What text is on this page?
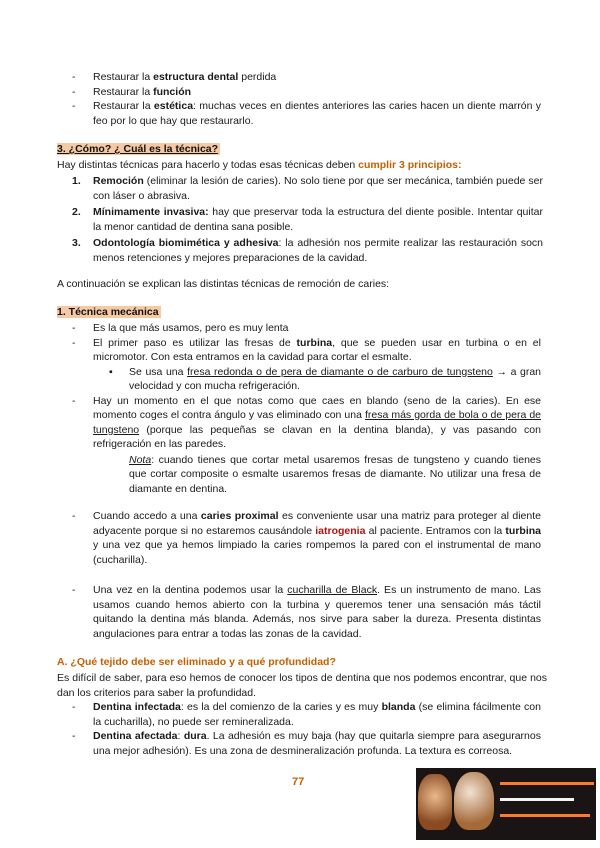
- Restaurar la estructura dental perdida
- Restaurar la función
- Restaurar la estética: muchas veces en dientes anteriores las caries hacen un diente marrón y feo por lo que hay que restaurarlo.
3. ¿Cómo? ¿ Cuál es la técnica?

Hay distintas técnicas para hacerlo y todas esas técnicas deben cumplir 3 principios:

1. Remoción (eliminar la lesión de caries). No solo tiene por que ser mecánica, también puede ser con láser o abrasiva.
2. Mínimamente invasiva: hay que preservar toda la estructura del diente posible. Intentar quitar la menor cantidad de dentina sana posible.
3. Odontología biomimética y adhesiva: la adhesión nos permite realizar las restauración socn menos retenciones y mejores preparaciones de la cavidad.

A continuación se explican las distintas técnicas de remoción de caries:

1. Técnica mecánica
- Es la que más usamos, pero es muy lenta
- El primer paso es utilizar las fresas de turbina, que se pueden usar en turbina o en el micromotor. Con esta entramos en la cavidad para cortar el esmalte.
▪ Se usa una fresa redonda o de pera de diamante o de carburo de tungsteno → a gran velocidad y con mucha refrigeración.
- Hay un momento en el que notas como que caes en blando (seno de la caries). En ese momento coges el contra ángulo y vas eliminado con una fresa más gorda de bola o de pera de tungsteno (porque las pequeñas se clavan en la dentina blanda), y vas pasando con refrigeración en las paredes.
Nota: cuando tienes que cortar metal usaremos fresas de tungsteno y cuando tienes que cortar composite o esmalte usaremos fresas de diamante. No utilizar una fresa de diamante en dentina.
- Cuando accedo a una caries proximal es conveniente usar una matriz para proteger al diente adyacente porque si no estaremos causándole iatrogenia al paciente. Entramos con la turbina y una vez que ya hemos limpiado la caries rompemos la pared con el instrumental de mano (cucharilla).
- Una vez en la dentina podemos usar la cucharilla de Black. Es un instrumento de mano. Las usamos cuando hemos abierto con la turbina y queremos tener una sensación más táctil quitando la dentina más blanda. Además, nos sirve para saber la dureza. Presenta distintas angulaciones para entrar a todas las zonas de la cavidad.
A. ¿Qué tejido debe ser eliminado y a qué profundidad?

Es difícil de saber, para eso hemos de conocer los tipos de dentina que nos podemos encontrar, que nos dan los criterios para saber la profundidad.

- Dentina infectada: es la del comienzo de la caries y es muy blanda (se elimina fácilmente con la cucharilla), no puede ser remineralizada.
- Dentina afectada: dura. La adhesión es muy baja (hay que quitarla siempre para asegurarnos una mejor adhesión). Es una zona de desmineralización profunda. La textura es correosa.
77
